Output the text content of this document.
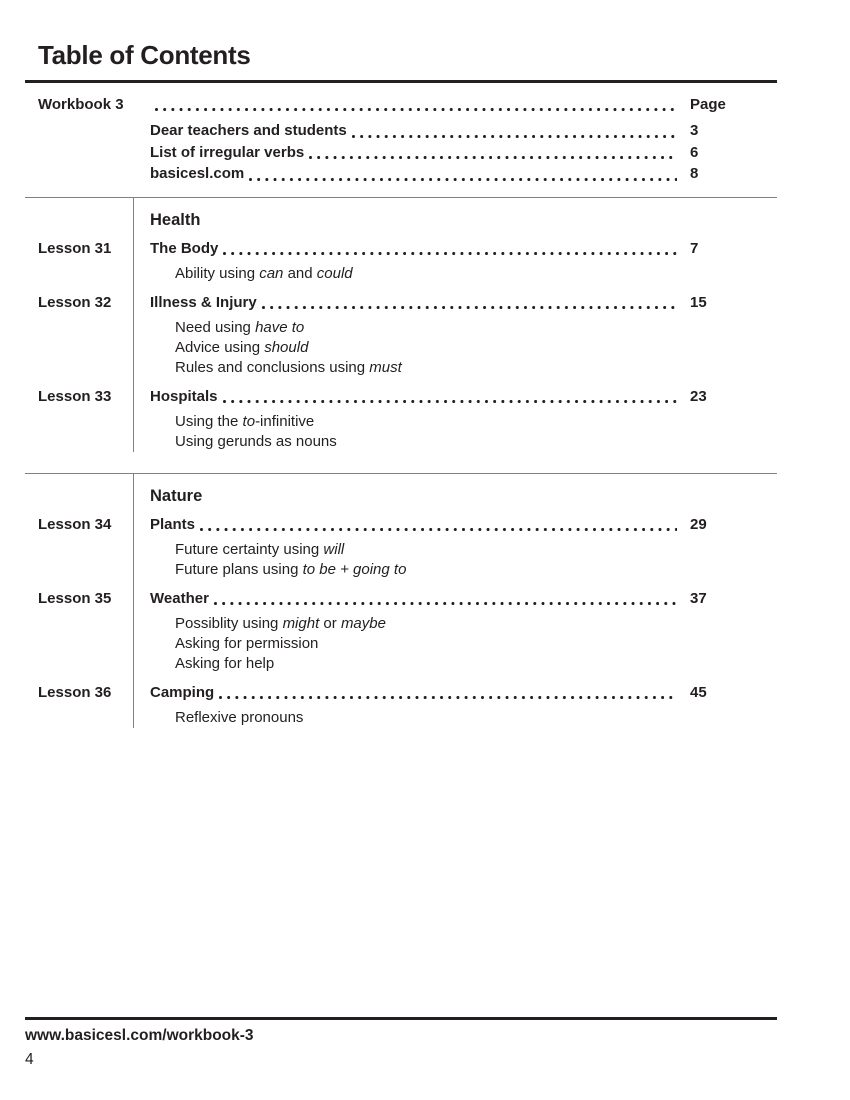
Table of Contents
Workbook 3	Page
Dear teachers and students	3
List of irregular verbs	6
basicesl.com	8
Health
Lesson 31	The Body	7
Ability using can and could
Lesson 32	Illness & Injury	15
Need using have to
Advice using should
Rules and conclusions using must
Lesson 33	Hospitals	23
Using the to-infinitive
Using gerunds as nouns
Nature
Lesson 34	Plants	29
Future certainty using will
Future plans using to be + going to
Lesson 35	Weather	37
Possiblity using might or maybe
Asking for permission
Asking for help
Lesson 36	Camping	45
Reflexive pronouns
www.basicesl.com/workbook-3
4
